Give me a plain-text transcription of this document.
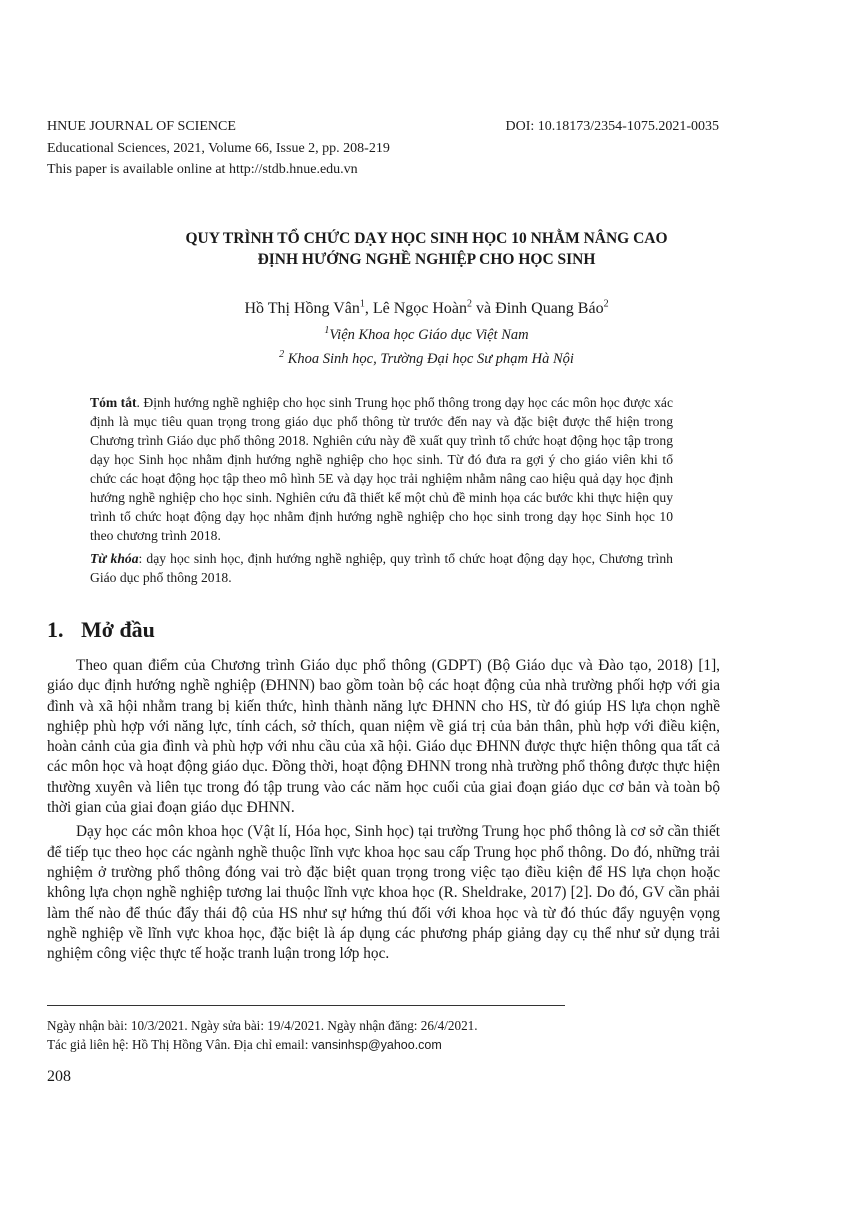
HNUE JOURNAL OF SCIENCE	DOI: 10.18173/2354-1075.2021-0035
Educational Sciences, 2021, Volume 66, Issue 2, pp. 208-219
This paper is available online at http://stdb.hnue.edu.vn
QUY TRÌNH TỔ CHỨC DẠY HỌC SINH HỌC 10 NHẰM NÂNG CAO
ĐỊNH HƯỚNG NGHỀ NGHIỆP CHO HỌC SINH
Hồ Thị Hồng Vân$^1$, Lê Ngọc Hoàn$^2$ và Đinh Quang Báo$^2$
$^1$Viện Khoa học Giáo dục Việt Nam
$^2$ Khoa Sinh học, Trường Đại học Sư phạm Hà Nội
Tóm tắt. Định hướng nghề nghiệp cho học sinh Trung học phổ thông trong dạy học các môn học được xác định là mục tiêu quan trọng trong giáo dục phổ thông từ trước đến nay và đặc biệt được thể hiện trong Chương trình Giáo dục phổ thông 2018. Nghiên cứu này đề xuất quy trình tổ chức hoạt động học tập trong dạy học Sinh học nhằm định hướng nghề nghiệp cho học sinh. Từ đó đưa ra gợi ý cho giáo viên khi tổ chức các hoạt động học tập theo mô hình 5E và dạy học trải nghiệm nhằm nâng cao hiệu quả dạy học định hướng nghề nghiệp cho học sinh. Nghiên cứu đã thiết kế một chủ đề minh họa các bước khi thực hiện quy trình tổ chức hoạt động dạy học nhằm định hướng nghề nghiệp cho học sinh trong dạy học Sinh học 10 theo chương trình 2018.
Từ khóa: dạy học sinh học, định hướng nghề nghiệp, quy trình tổ chức hoạt động dạy học, Chương trình Giáo dục phổ thông 2018.
1. Mở đầu

Theo quan điểm của Chương trình Giáo dục phổ thông (GDPT) (Bộ Giáo dục và Đào tạo, 2018) [1], giáo dục định hướng nghề nghiệp (ĐHNN) bao gồm toàn bộ các hoạt động của nhà trường phối hợp với gia đình và xã hội nhằm trang bị kiến thức, hình thành năng lực ĐHNN cho HS, từ đó giúp HS lựa chọn nghề nghiệp phù hợp với năng lực, tính cách, sở thích, quan niệm về giá trị của bản thân, phù hợp với điều kiện, hoàn cảnh của gia đình và phù hợp với nhu cầu của xã hội. Giáo dục ĐHNN được thực hiện thông qua tất cả các môn học và hoạt động giáo dục. Đồng thời, hoạt động ĐHNN trong nhà trường phổ thông được thực hiện thường xuyên và liên tục trong đó tập trung vào các năm học cuối của giai đoạn giáo dục cơ bản và toàn bộ thời gian của giai đoạn giáo dục ĐHNN.

Dạy học các môn khoa học (Vật lí, Hóa học, Sinh học) tại trường Trung học phổ thông là cơ sở cần thiết để tiếp tục theo học các ngành nghề thuộc lĩnh vực khoa học sau cấp Trung học phổ thông. Do đó, những trải nghiệm ở trường phổ thông đóng vai trò đặc biệt quan trọng trong việc tạo điều kiện để HS lựa chọn hoặc không lựa chọn nghề nghiệp tương lai thuộc lĩnh vực khoa học (R. Sheldrake, 2017) [2]. Do đó, GV cần phải làm thế nào để thúc đẩy thái độ của HS như sự hứng thú đối với khoa học và từ đó thúc đẩy nguyện vọng nghề nghiệp về lĩnh vực khoa học, đặc biệt là áp dụng các phương pháp giảng dạy cụ thể như sử dụng trải nghiệm công việc thực tế hoặc tranh luận trong lớp học.

Ngày nhận bài: 10/3/2021. Ngày sửa bài: 19/4/2021. Ngày nhận đăng: 26/4/2021.
Tác giả liên hệ: Hồ Thị Hồng Vân. Địa chỉ email: vansinhsp@yahoo.com
208
